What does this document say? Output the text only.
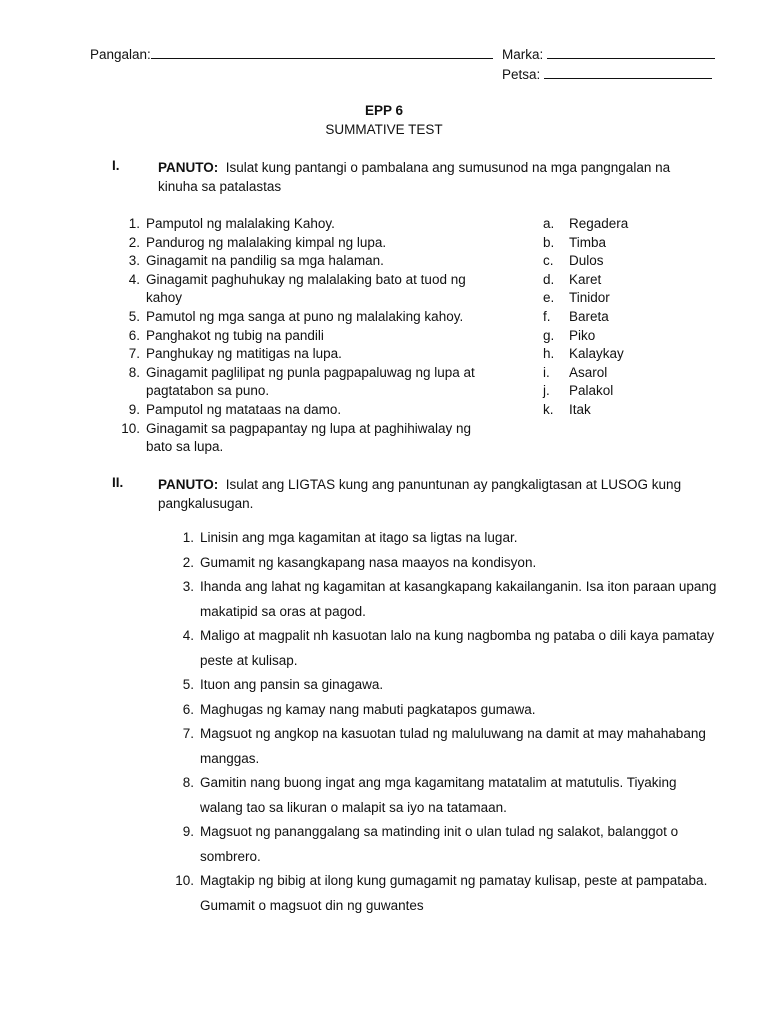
Pangalan:	Marka:
Petsa:
EPP 6
SUMMATIVE TEST
I.	PANUTO: Isulat kung pantangi o pambalana ang sumusunod na mga pangngalan na kinuha sa patalastas
1. Pamputol ng malalaking Kahoy.
2. Pandurog ng malalaking kimpal ng lupa.
3. Ginagamit na pandilig sa mga halaman.
4. Ginagamit paghuhukay ng malalaking bato at tuod ng kahoy
5. Pamutol ng mga sanga at puno ng malalaking kahoy.
6. Panghakot ng tubig na pandili
7. Panghukay ng matitigas na lupa.
8. Ginagamit paglilipat ng punla pagpapaluwag ng lupa at pagtatabon sa puno.
9. Pamputol ng matataas na damo.
10. Ginagamit sa pagpapantay ng lupa at paghihiwalay ng bato sa lupa.
a. Regadera
b. Timba
c. Dulos
d. Karet
e. Tinidor
f. Bareta
g. Piko
h. Kalaykay
i. Asarol
j. Palakol
k. Itak
II.	PANUTO: Isulat ang LIGTAS kung ang panuntunan ay pangkaligtasan at LUSOG kung pangkalusugan.
1. Linisin ang mga kagamitan at itago sa ligtas na lugar.
2. Gumamit ng kasangkapang nasa maayos na kondisyon.
3. Ihanda ang lahat ng kagamitan at kasangkapang kakailanganin. Isa iton paraan upang makatipid sa oras at pagod.
4. Maligo at magpalit nh kasuotan lalo na kung nagbomba ng pataba o dili kaya pamatay peste at kulisap.
5. Ituon ang pansin sa ginagawa.
6. Maghugas ng kamay nang mabuti pagkatapos gumawa.
7. Magsuot ng angkop na kasuotan tulad ng maluluwang na damit at may mahahabang manggas.
8. Gamitin nang buong ingat ang mga kagamitang matatalim at matutulis. Tiyaking walang tao sa likuran o malapit sa iyo na tatamaan.
9. Magsuot ng pananggalang sa matinding init o ulan tulad ng salakot, balanggot o sombrero.
10. Magtakip ng bibig at ilong kung gumagamit ng pamatay kulisap, peste at pampataba. Gumamit o magsuot din ng guwantes
